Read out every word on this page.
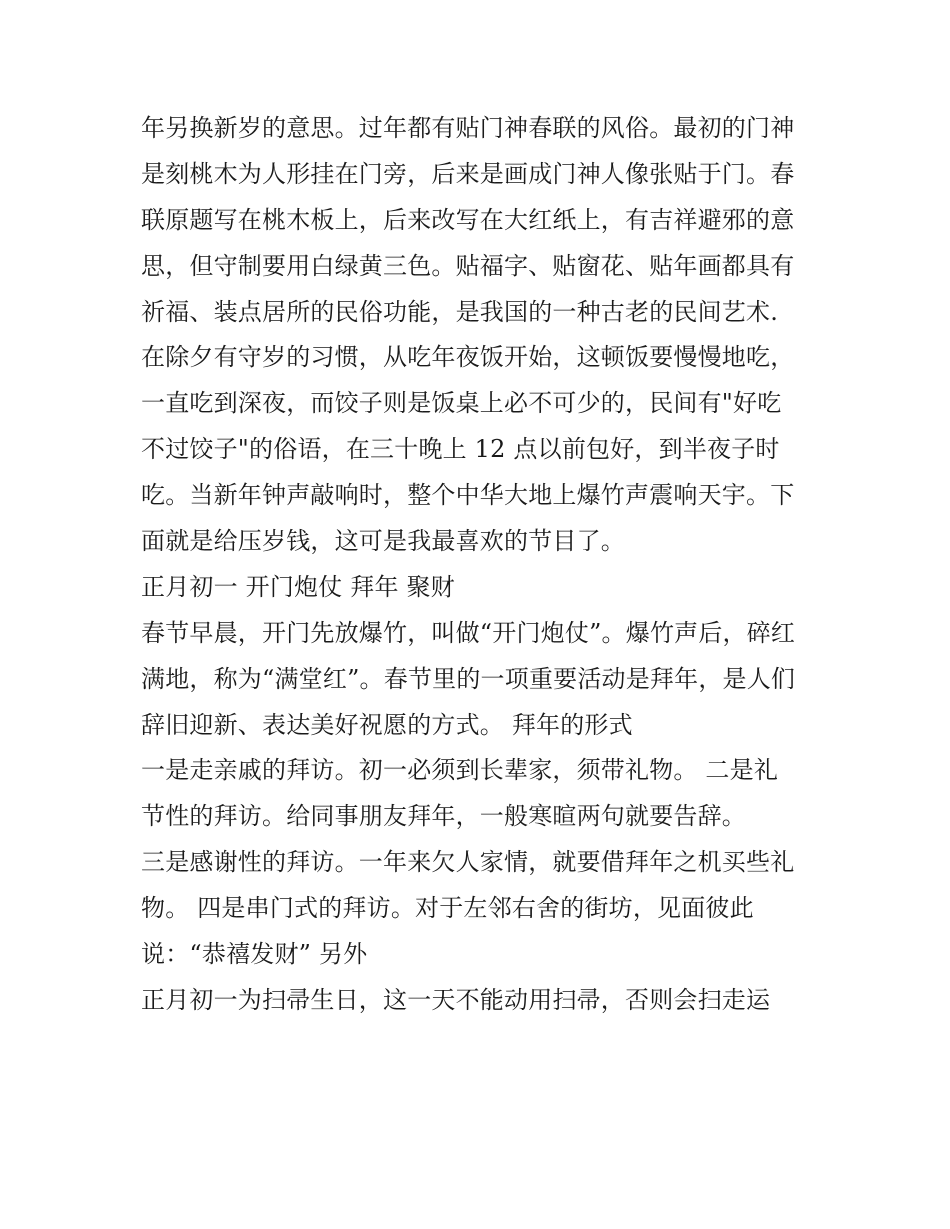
年另换新岁的意思。过年都有贴门神春联的风俗。最初的门神
是刻桃木为人形挂在门旁，后来是画成门神人像张贴于门。春
联原题写在桃木板上，后来改写在大红纸上，有吉祥避邪的意
思，但守制要用白绿黄三色。贴福字、贴窗花、贴年画都具有
祈福、装点居所的民俗功能，是我国的一种古老的民间艺术.
在除夕有守岁的习惯，从吃年夜饭开始，这顿饭要慢慢地吃，
一直吃到深夜，而饺子则是饭桌上必不可少的，民间有"好吃
不过饺子"的俗语，在三十晚上 12 点以前包好，到半夜子时
吃。当新年钟声敲响时，整个中华大地上爆竹声震响天宇。下
面就是给压岁钱，这可是我最喜欢的节目了。
正月初一 开门炮仗 拜年 聚财
春节早晨，开门先放爆竹，叫做“开门炮仗”。爆竹声后，碎红
满地，称为“满堂红”。春节里的一项重要活动是拜年，是人们
辞旧迎新、表达美好祝愿的方式。 拜年的形式
一是走亲戚的拜访。初一必须到长辈家，须带礼物。 二是礼
节性的拜访。给同事朋友拜年，一般寒暄两句就要告辞。
三是感谢性的拜访。一年来欠人家情，就要借拜年之机买些礼
物。 四是串门式的拜访。对于左邻右舍的街坊，见面彼此
说：“恭禧发财” 另外
正月初一为扫帚生日，这一天不能动用扫帚，否则会扫走运
